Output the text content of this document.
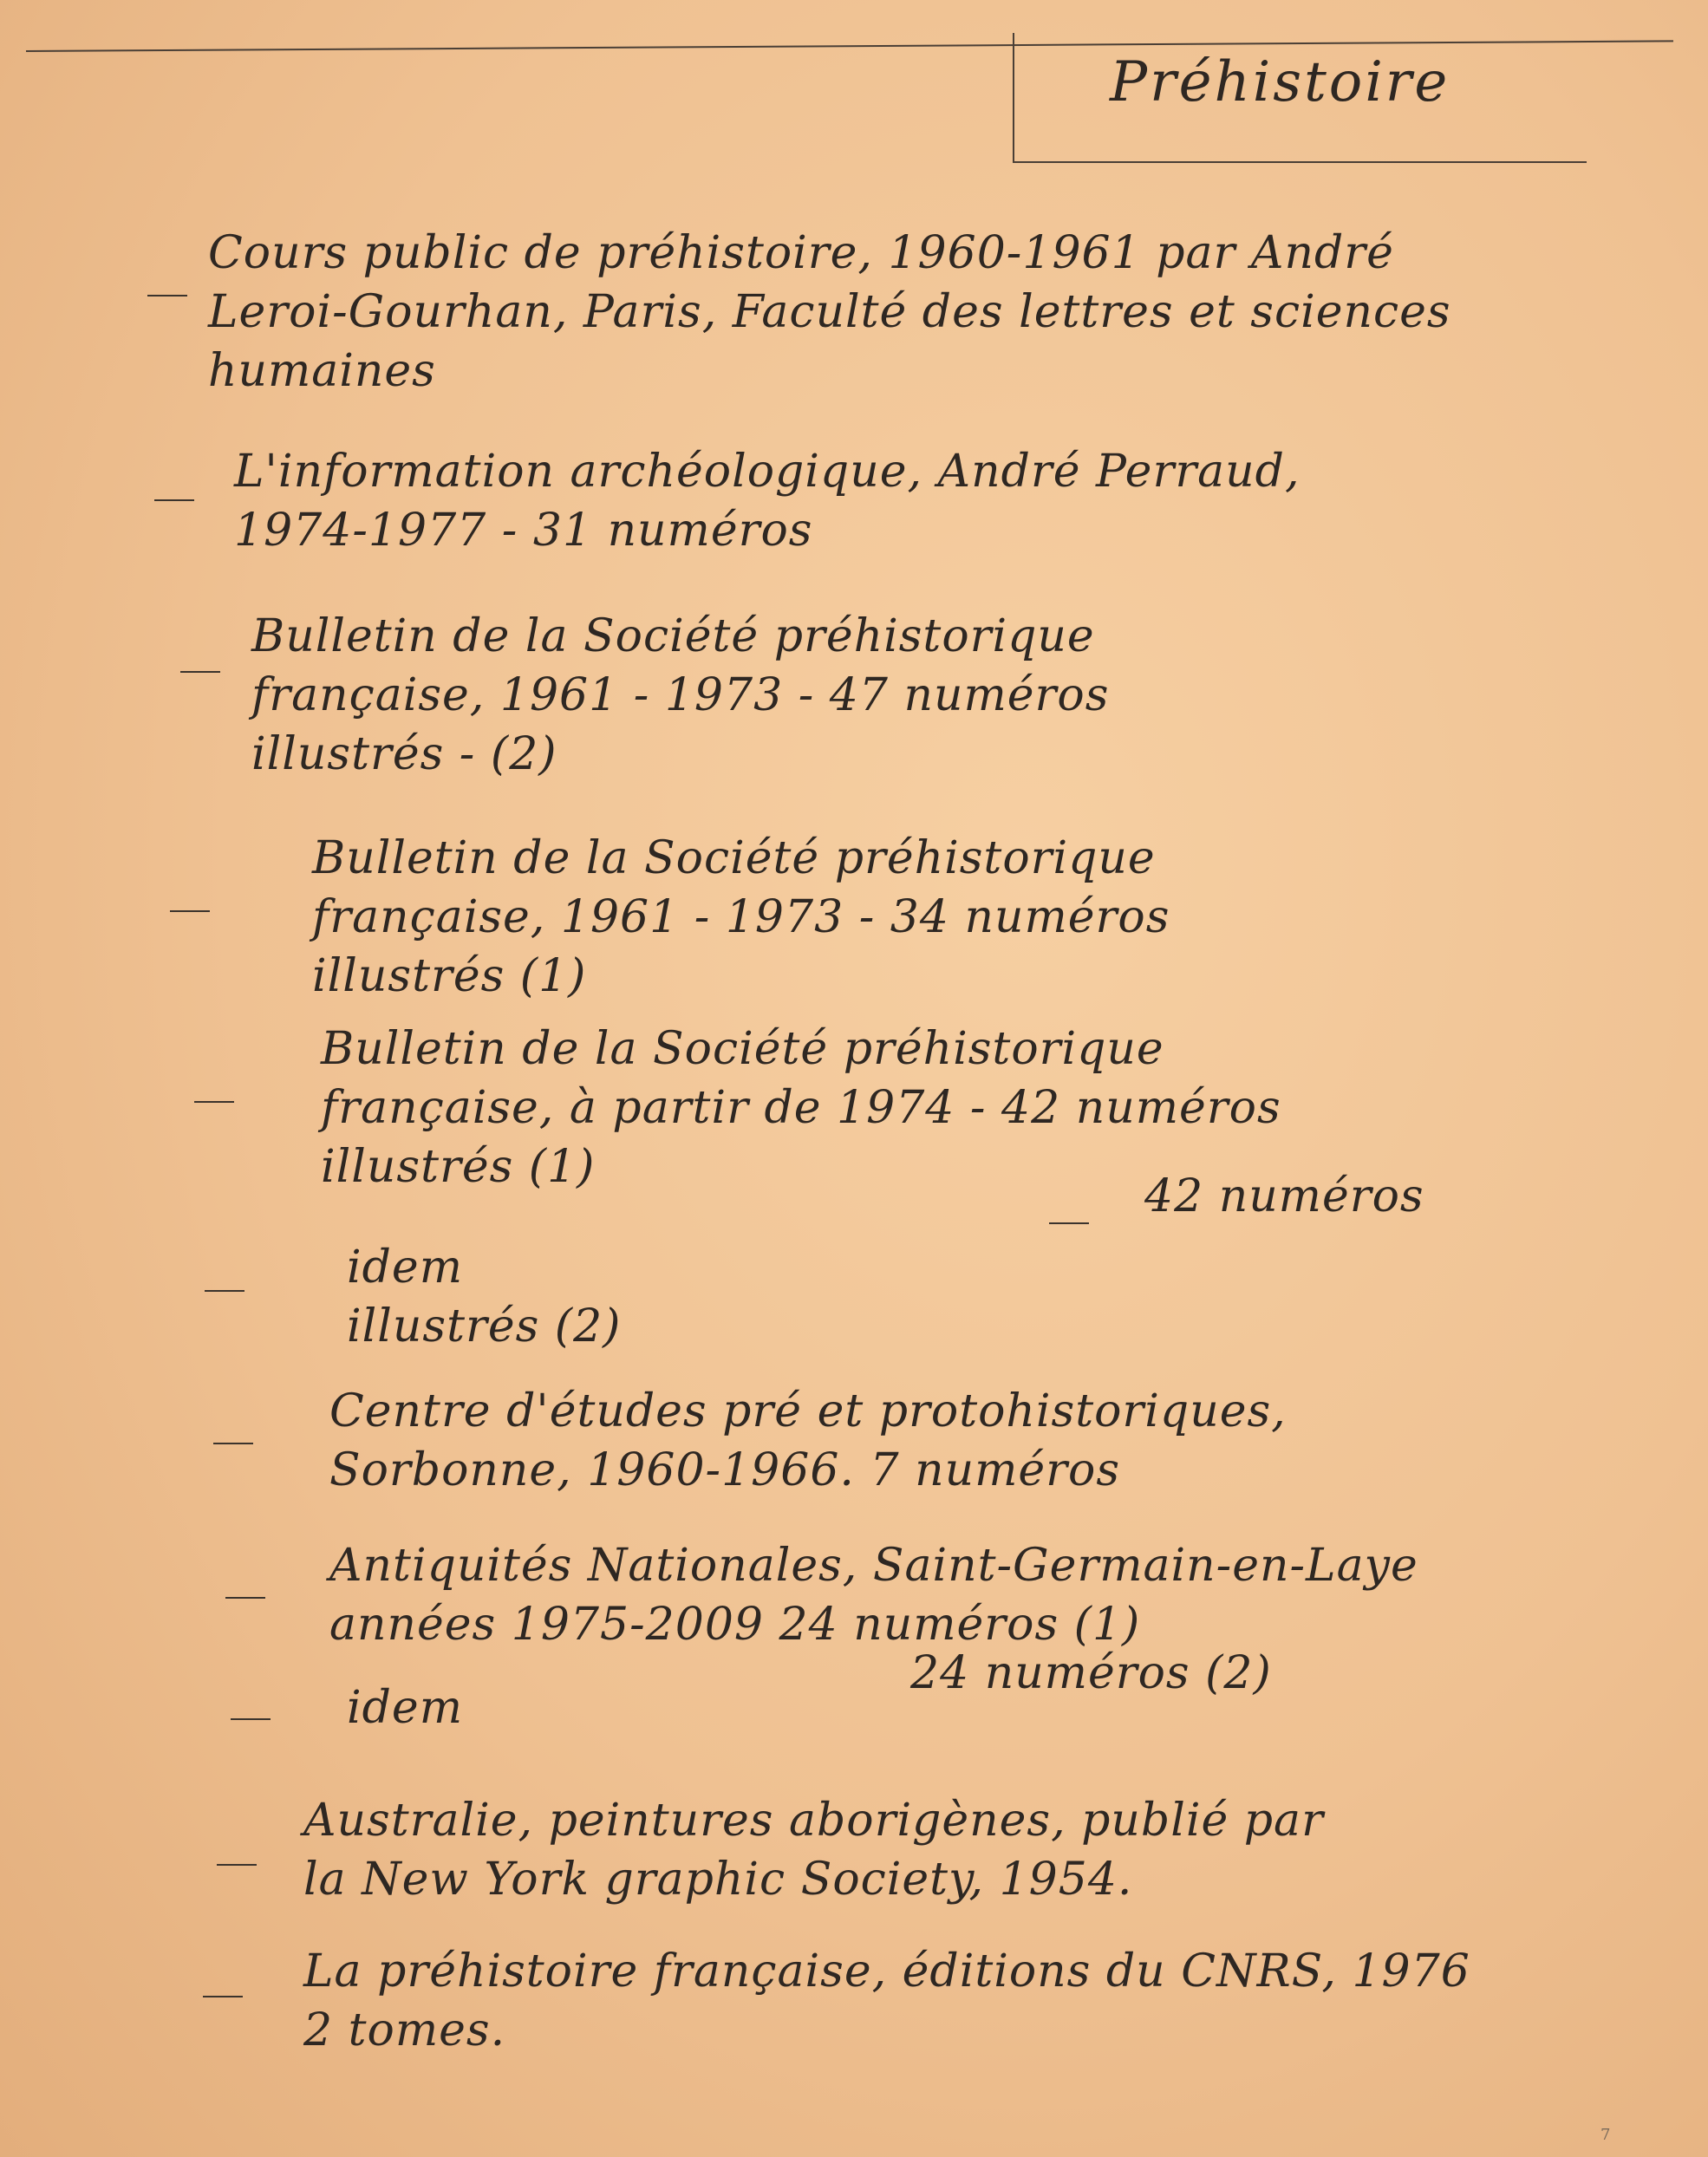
Préhistoire
Cours public de préhistoire, 1960-1961 par André
Leroi-Gourhan, Paris, Faculté des lettres et sciences
humaines
L'information archéologique, André Perraud,
1974-1977 - 31 numéros
Bulletin de la Société préhistorique
française, 1961 - 1973 - 47 numéros
illustrés - (2)
Bulletin de la Société préhistorique
française, 1961 - 1973 - 34 numéros
illustrés (1)
Bulletin de la Société préhistorique
française, à partir de 1974 - 42 numéros
illustrés (1)
idem
illustrés (2)
42 numéros
Centre d'études pré et protohistoriques,
Sorbonne, 1960-1966. 7 numéros
Antiquités Nationales, Saint-Germain-en-Laye
années 1975-2009 24 numéros (1)
idem
24 numéros (2)
Australie, peintures aborigènes, publié par
la New York graphic Society, 1954.
La préhistoire française, éditions du CNRS, 1976
2 tomes.
7
